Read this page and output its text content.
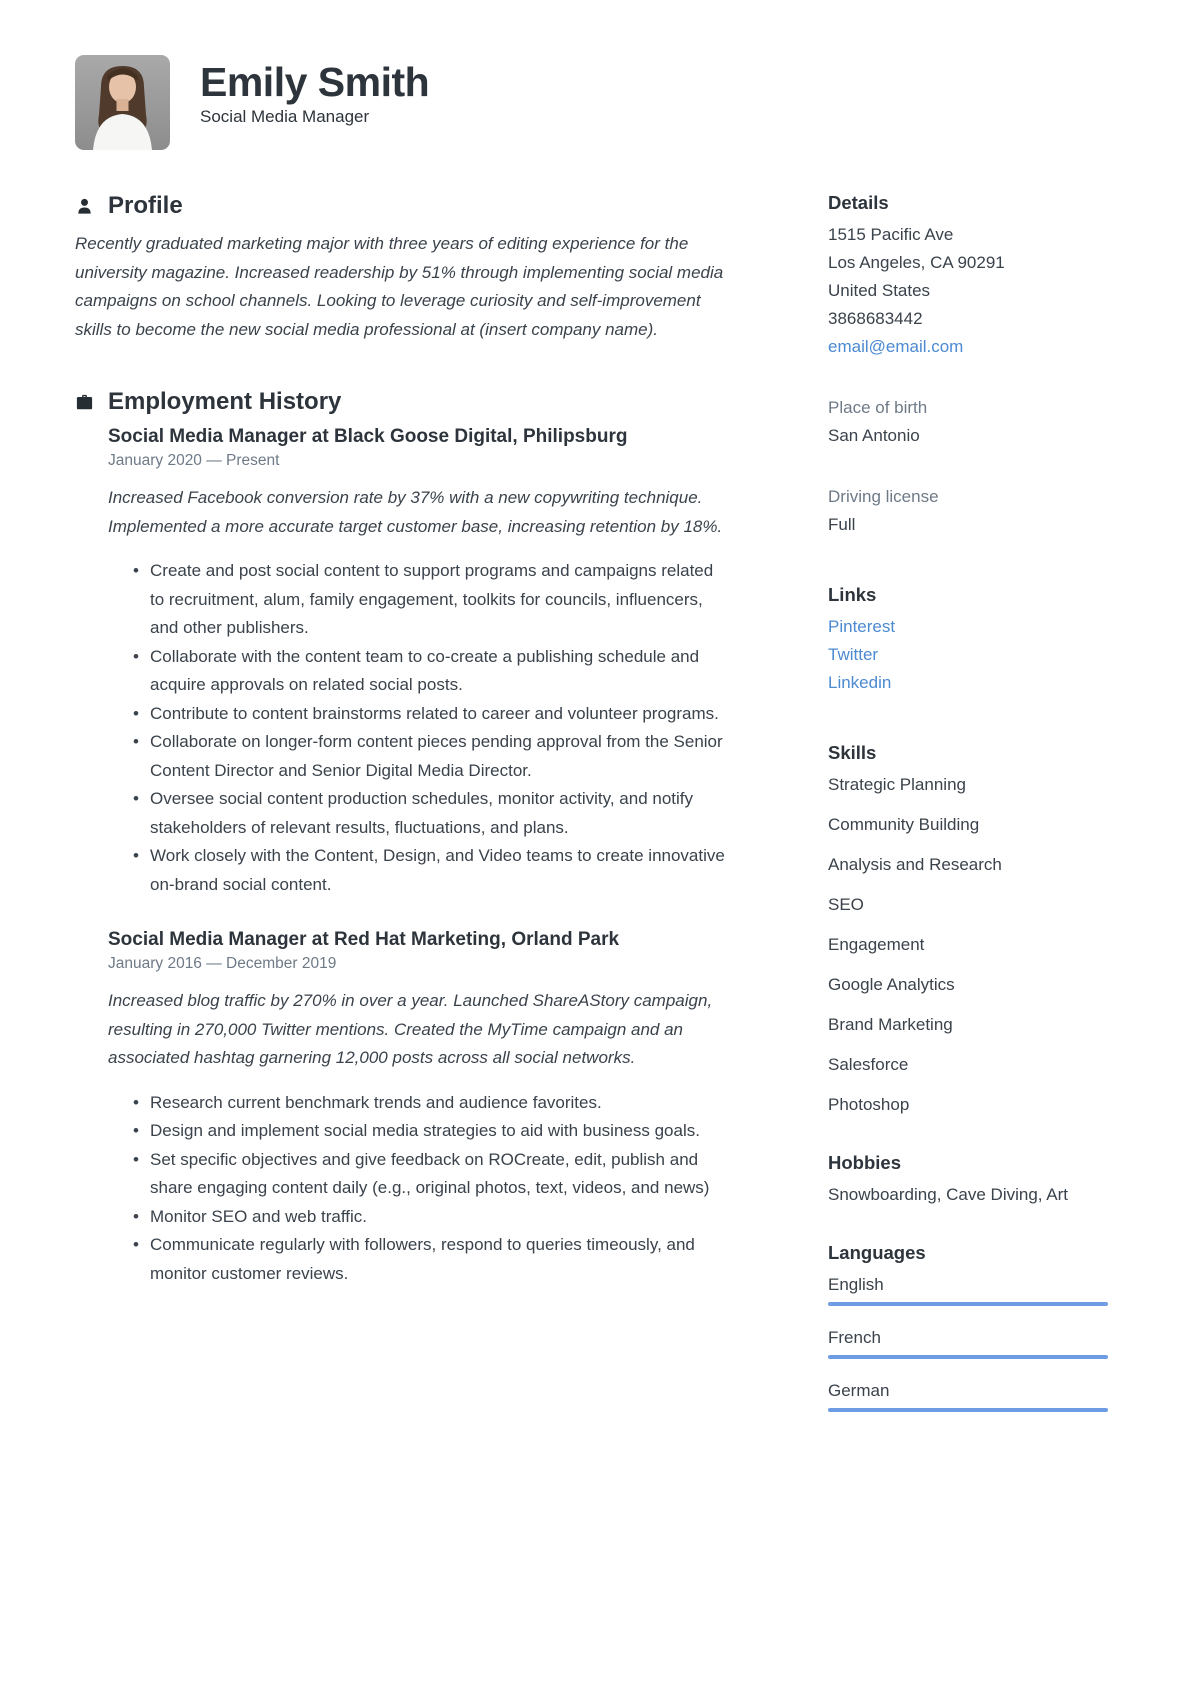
Emily Smith
Social Media Manager
Profile

Recently graduated marketing major with three years of editing experience for the university magazine. Increased readership by 51% through implementing social media campaigns on school channels. Looking to leverage curiosity and self-improvement skills to become the new social media professional at (insert company name).

Employment History
Social Media Manager at Black Goose Digital, Philipsburg
January 2020 — Present

Increased Facebook conversion rate by 37% with a new copywriting technique. Implemented a more accurate target customer base, increasing retention by 18%.

• Create and post social content to support programs and campaigns related to recruitment, alum, family engagement, toolkits for councils, influencers, and other publishers.
• Collaborate with the content team to co-create a publishing schedule and acquire approvals on related social posts.
• Contribute to content brainstorms related to career and volunteer programs.
• Collaborate on longer-form content pieces pending approval from the Senior Content Director and Senior Digital Media Director.
• Oversee social content production schedules, monitor activity, and notify stakeholders of relevant results, fluctuations, and plans.
• Work closely with the Content, Design, and Video teams to create innovative on-brand social content.
Social Media Manager at Red Hat Marketing, Orland Park
January 2016 — December 2019

Increased blog traffic by 270% in over a year. Launched ShareAStory campaign, resulting in 270,000 Twitter mentions. Created the MyTime campaign and an associated hashtag garnering 12,000 posts across all social networks.

• Research current benchmark trends and audience favorites.
• Design and implement social media strategies to aid with business goals.
• Set specific objectives and give feedback on ROCreate, edit, publish and share engaging content daily (e.g., original photos, text, videos, and news)
• Monitor SEO and web traffic.
• Communicate regularly with followers, respond to queries timeously, and monitor customer reviews.
Details
1515 Pacific Ave
Los Angeles, CA 90291
United States
3868683442
email@email.com
Place of birth
San Antonio
Driving license
Full
Links
Pinterest
Twitter
Linkedin
Skills
Strategic Planning
Community Building
Analysis and Research
SEO
Engagement
Google Analytics
Brand Marketing
Salesforce
Photoshop
Hobbies
Snowboarding, Cave Diving, Art
Languages
English
French
German
